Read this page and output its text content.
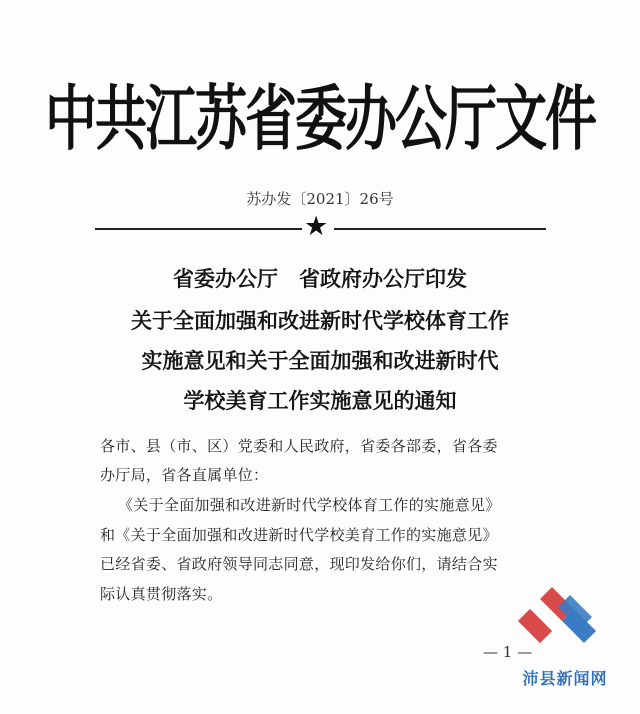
中共江苏省委办公厅文件
苏办发〔2021〕26号
★
省委办公厅　省政府办公厅印发
关于全面加强和改进新时代学校体育工作
实施意见和关于全面加强和改进新时代
学校美育工作实施意见的通知
各市、县（市、区）党委和人民政府，省委各部委，省各委
办厅局，省各直属单位：
《关于全面加强和改进新时代学校体育工作的实施意见》
和《关于全面加强和改进新时代学校美育工作的实施意见》
已经省委、省政府领导同志同意，现印发给你们，请结合实
际认真贯彻落实。
— 1 —
沛县新闻网
